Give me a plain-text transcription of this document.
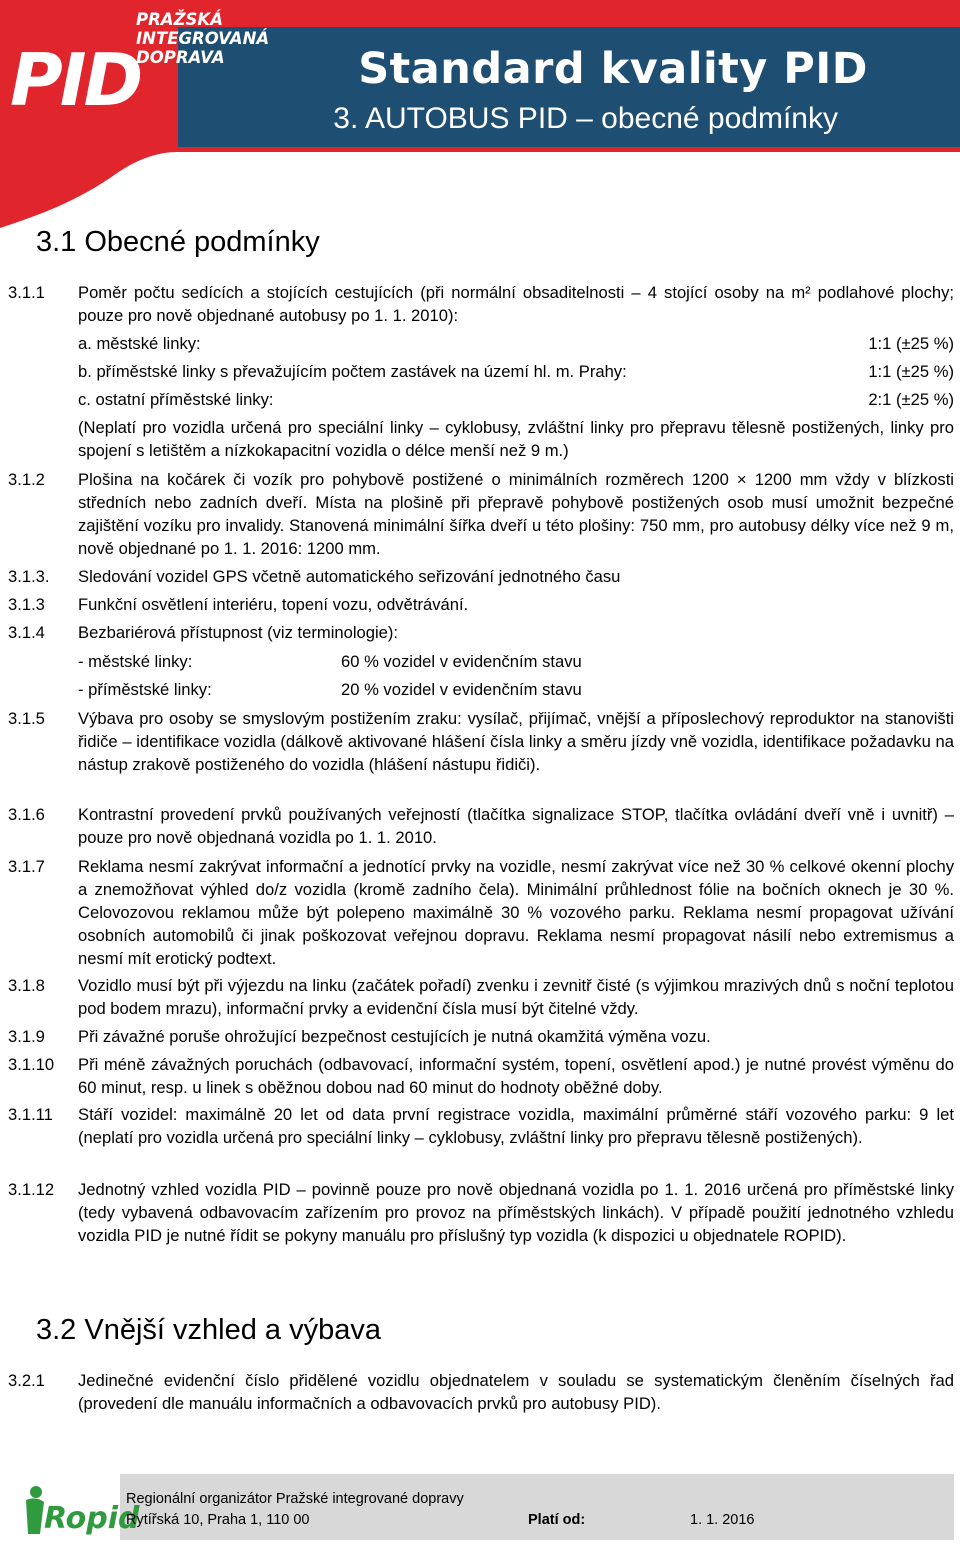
PID
PRAŽSKÁ
INTEGROVANÁ
DOPRAVA	Standard kvality PID
3. AUTOBUS PID – obecné podmínky
3.1 Obecné podmínky
3.1.1 Poměr počtu sedících a stojících cestujících (při normální obsaditelnosti – 4 stojící osoby na m² podlahové plochy; pouze pro nově objednané autobusy po 1. 1. 2010):
a. městské linky:	1:1 (±25 %)
b. příměstské linky s převažujícím počtem zastávek na území hl. m. Prahy:	1:1 (±25 %)
c. ostatní příměstské linky:	2:1 (±25 %)
(Neplatí pro vozidla určená pro speciální linky – cyklobusy, zvláštní linky pro přepravu tělesně postižených, linky pro spojení s letištěm a nízkokapacitní vozidla o délce menší než 9 m.)
3.1.2 Plošina na kočárek či vozík pro pohybově postižené o minimálních rozměrech 1200 × 1200 mm vždy v blízkosti středních nebo zadních dveří. Místa na plošině při přepravě pohybově postižených osob musí umožnit bezpečné zajištění vozíku pro invalidy. Stanovená minimální šířka dveří u této plošiny: 750 mm, pro autobusy délky více než 9 m, nově objednané po 1. 1. 2016: 1200 mm.
3.1.3. Sledování vozidel GPS včetně automatického seřizování jednotného času
3.1.3 Funkční osvětlení interiéru, topení vozu, odvětrávání.
3.1.4 Bezbariérová přístupnost (viz terminologie):
- městské linky:	60 % vozidel v evidenčním stavu
- příměstské linky:	20 % vozidel v evidenčním stavu
3.1.5 Výbava pro osoby se smyslovým postižením zraku: vysílač, přijímač, vnější a příposlechový reproduktor na stanovišti řidiče – identifikace vozidla (dálkově aktivované hlášení čísla linky a směru jízdy vně vozidla, identifikace požadavku na nástup zrakově postiženého do vozidla (hlášení nástupu řidiči).
3.1.6 Kontrastní provedení prvků používaných veřejností (tlačítka signalizace STOP, tlačítka ovládání dveří vně i uvnitř) – pouze pro nově objednaná vozidla po 1. 1. 2010.
3.1.7 Reklama nesmí zakrývat informační a jednotící prvky na vozidle, nesmí zakrývat více než 30 % celkové okenní plochy a znemožňovat výhled do/z vozidla (kromě zadního čela). Minimální průhlednost fólie na bočních oknech je 30 %. Celovozovou reklamou může být polepeno maximálně 30 % vozového parku. Reklama nesmí propagovat užívání osobních automobilů či jinak poškozovat veřejnou dopravu. Reklama nesmí propagovat násilí nebo extremismus a nesmí mít erotický podtext.
3.1.8 Vozidlo musí být při výjezdu na linku (začátek pořadí) zvenku i zevnitř čisté (s výjimkou mrazivých dnů s noční teplotou pod bodem mrazu), informační prvky a evidenční čísla musí být čitelné vždy.
3.1.9 Při závažné poruše ohrožující bezpečnost cestujících je nutná okamžitá výměna vozu.
3.1.10 Při méně závažných poruchách (odbavovací, informační systém, topení, osvětlení apod.) je nutné provést výměnu do 60 minut, resp. u linek s oběžnou dobou nad 60 minut do hodnoty oběžné doby.
3.1.11 Stáří vozidel: maximálně 20 let od data první registrace vozidla, maximální průměrné stáří vozového parku: 9 let (neplatí pro vozidla určená pro speciální linky – cyklobusy, zvláštní linky pro přepravu tělesně postižených).
3.1.12 Jednotný vzhled vozidla PID – povinně pouze pro nově objednaná vozidla po 1. 1. 2016 určená pro příměstské linky (tedy vybavená odbavovacím zařízením pro provoz na příměstských linkách). V případě použití jednotného vzhledu vozidla PID je nutné řídit se pokyny manuálu pro příslušný typ vozidla (k dispozici u objednatele ROPID).
3.2 Vnější vzhled a výbava
3.2.1 Jedinečné evidenční číslo přidělené vozidlu objednatelem v souladu se systematickým členěním číselných řad (provedení dle manuálu informačních a odbavovacích prvků pro autobusy PID).
Ropid
Regionální organizátor Pražské integrované dopravy
Rytířská 10, Praha 1, 110 00	Platí od:	1. 1. 2016
